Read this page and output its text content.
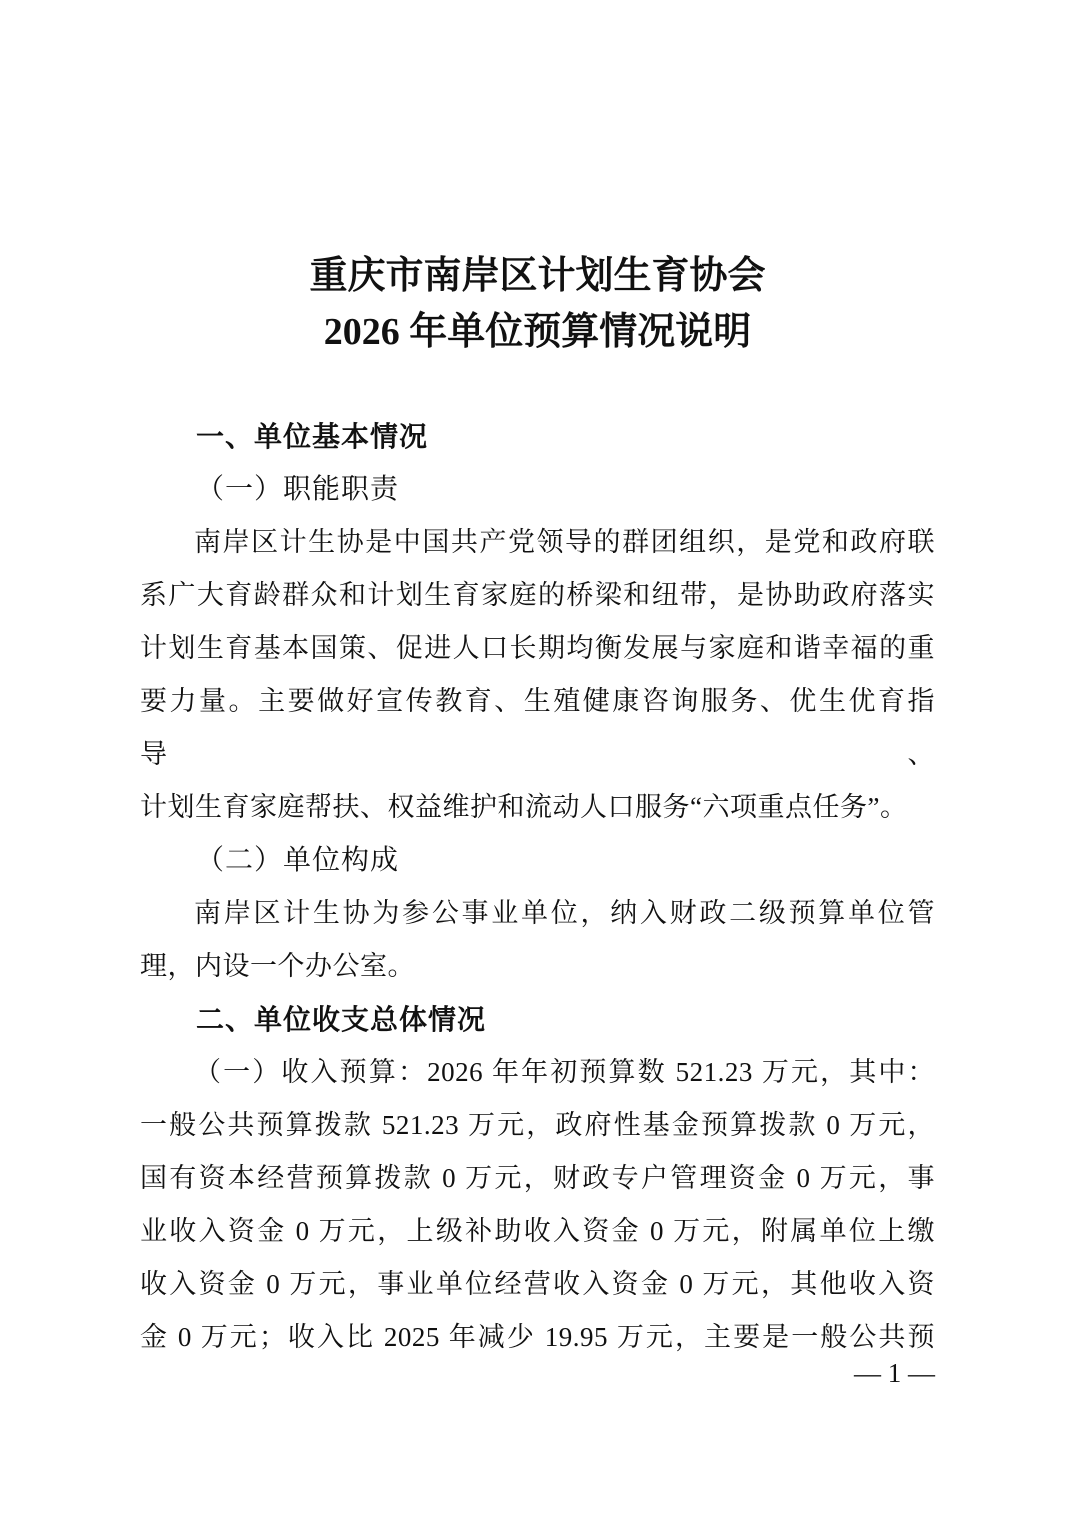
重庆市南岸区计划生育协会
2026 年单位预算情况说明
一、单位基本情况
（一）职能职责
南岸区计生协是中国共产党领导的群团组织，是党和政府联
系广大育龄群众和计划生育家庭的桥梁和纽带，是协助政府落实
计划生育基本国策、促进人口长期均衡发展与家庭和谐幸福的重
要力量。主要做好宣传教育、生殖健康咨询服务、优生优育指导、
计划生育家庭帮扶、权益维护和流动人口服务“六项重点任务”。
（二）单位构成
南岸区计生协为参公事业单位，纳入财政二级预算单位管
理，内设一个办公室。
二、单位收支总体情况
（一）收入预算：2026 年年初预算数 521.23 万元，其中：
一般公共预算拨款 521.23 万元，政府性基金预算拨款 0 万元，
国有资本经营预算拨款 0 万元，财政专户管理资金 0 万元，事
业收入资金 0 万元，上级补助收入资金 0 万元，附属单位上缴
收入资金 0 万元，事业单位经营收入资金 0 万元，其他收入资
金 0 万元；收入比 2025 年减少 19.95 万元，主要是一般公共预
— 1 —
